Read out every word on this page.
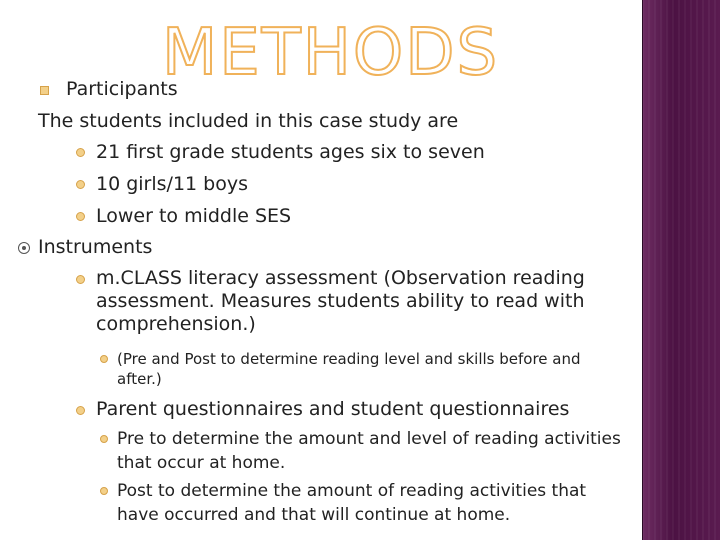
METHODS
Participants
The students included in this case study are
21 first grade students ages six to seven
10 girls/11 boys
Lower to middle SES
Instruments
m.CLASS literacy assessment (Observation reading assessment. Measures students ability to read with comprehension.)
(Pre and Post to determine reading level and skills before and after.)
Parent questionnaires and student questionnaires
Pre to determine the amount and level of reading activities that occur at home.
Post to determine the amount of reading activities that have occurred and that will continue at home.
